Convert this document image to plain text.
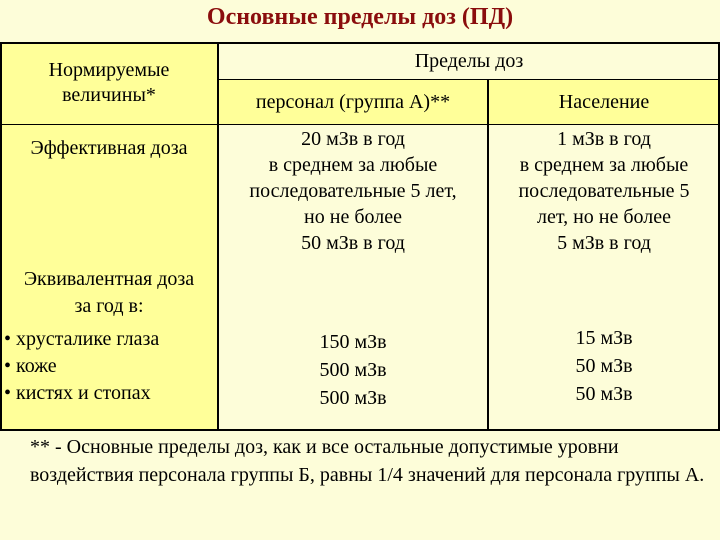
Основные пределы доз (ПД)
Нормируемые величины*
Пределы доз
персонал (группа А)**	Население
Эффективная доза	20 мЗв в год
в среднем за любые
последовательные 5 лет,
но не более
50 мЗв в год
1 мЗв в год
в среднем за любые
последовательные 5
лет, но не более
5 мЗв в год
Эквивалентная доза
за год в:
• хрусталике глаза
• коже
• кистях и стопах
150 мЗв
500 мЗв
500 мЗв
15 мЗв
50 мЗв
50 мЗв
** - Основные пределы доз, как и все остальные допустимые уровни воздействия персонала группы Б, равны 1/4 значений для персонала группы А.
